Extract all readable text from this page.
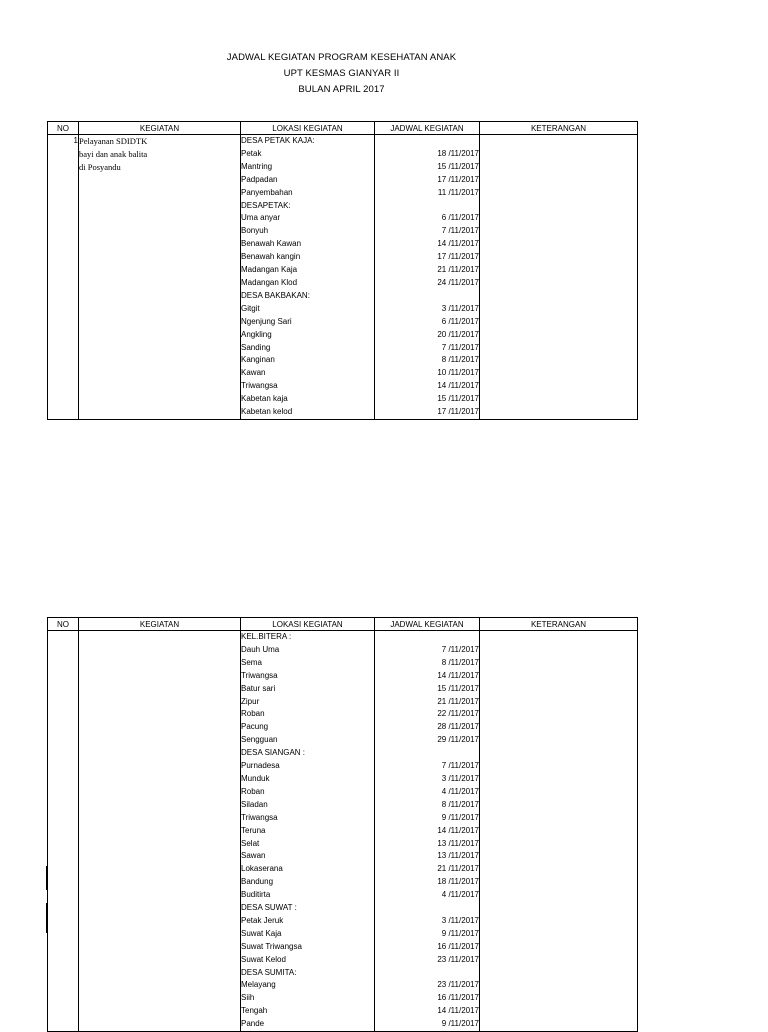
JADWAL KEGIATAN PROGRAM KESEHATAN ANAK
UPT KESMAS GIANYAR II
BULAN APRIL 2017
NO	KEGIATAN	LOKASI KEGIATAN	JADWAL KEGIATAN	KETERANGAN
1	Pelayanan SDIDTK	DESA PETAK KAJA:		
	bayi dan anak balita	Petak	18 /11/2017	
	di Posyandu	Mantring	15 /11/2017	
		Padpadan	17 /11/2017	
		Panyembahan	11 /11/2017	
		DESAPETAK:		
		Uma anyar	6 /11/2017	
		Bonyuh	7 /11/2017	
		Benawah Kawan	14 /11/2017	
		Benawah kangin	17 /11/2017	
		Madangan Kaja	21 /11/2017	
		Madangan Klod	24 /11/2017	
		DESA BAKBAKAN:		
		Gitgit	3 /11/2017	
		Ngenjung Sari	6 /11/2017	
		Angkling	20 /11/2017	
		Sanding	7 /11/2017	
		Kanginan	8 /11/2017	
		Kawan	10 /11/2017	
		Triwangsa	14 /11/2017	
		Kabetan kaja	15 /11/2017	
		Kabetan kelod	17 /11/2017	
NO	KEGIATAN	LOKASI KEGIATAN	JADWAL KEGIATAN	KETERANGAN
		KEL.BITERA :		
		Dauh Uma	7 /11/2017	
		Sema	8 /11/2017	
		Triwangsa	14 /11/2017	
		Batur sari	15 /11/2017	
		Zipur	21 /11/2017	
		Roban	22 /11/2017	
		Pacung	28 /11/2017	
		Sengguan	29 /11/2017	
		DESA SIANGAN :		
		Purnadesa	7 /11/2017	
		Munduk	3 /11/2017	
		Roban	4 /11/2017	
		Siladan	8 /11/2017	
		Triwangsa	9 /11/2017	
		Teruna	14 /11/2017	
		Selat	13 /11/2017	
		Sawan	13 /11/2017	
		Lokaserana	21 /11/2017	
		Bandung	18 /11/2017	
		Buditirta	4 /11/2017	
		DESA SUWAT :		
		Petak Jeruk	3 /11/2017	
		Suwat Kaja	9 /11/2017	
		Suwat Triwangsa	16 /11/2017	
		Suwat Kelod	23 /11/2017	
		DESA SUMITA:		
		Melayang	23 /11/2017	
		Siih	16 /11/2017	
		Tengah	14 /11/2017	
		Pande	9 /11/2017	
